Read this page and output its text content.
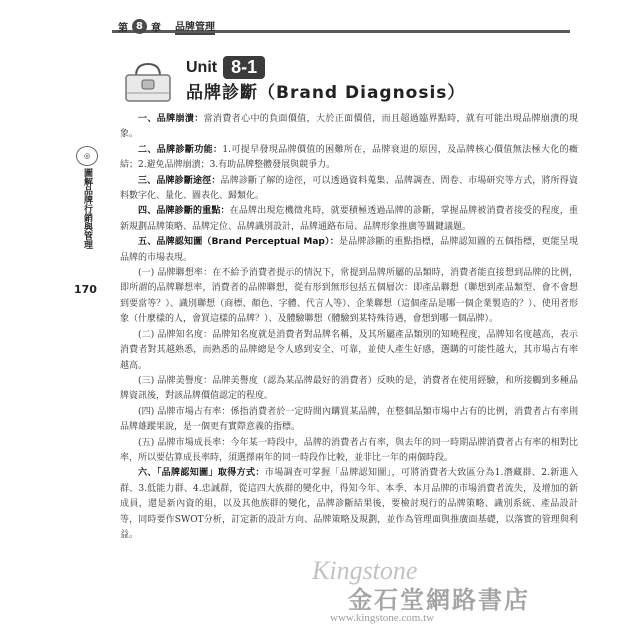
第 8 章 品牌管理
Unit 8-1
品牌診斷（Brand Diagnosis）
◎
圖解品牌行銷與管理
170

一、品牌崩潰：當消費者心中的負面價值，大於正面價值，而且超過臨界點時，就有可能出現品牌崩潰的現象。

二、品牌診斷功能：1.可提早發現品牌價值的困難所在，品牌衰退的原因，及品牌核心價值無法極大化的癥結；2.避免品牌崩潰；3.有助品牌整體發展與競爭力。

三、品牌診斷途徑：品牌診斷了解的途徑，可以透過資料蒐集、品牌調查、問卷、市場研究等方式，將所得資料數字化、量化、圖表化、歸類化。

四、品牌診斷的重點：在品牌出現危機徵兆時，就要積極透過品牌的診斷，掌握品牌被消費者接受的程度，重新規劃品牌策略、品牌定位、品牌識別設計，品牌通路布局、品牌形象推廣等關鍵議題。

五、品牌認知圖（Brand Perceptual Map）：是品牌診斷的重點指標，品牌認知圖的五個指標，更能呈現品牌的市場表現。

(一) 品牌聯想率：在不給予消費者提示的情況下，常提到品牌所屬的品類時，消費者能直接想到品牌的比例，即所謂的品牌聯想率，消費者的品牌聯想，從有形到無形包括五個層次：即產品聯想（聯想到產品類型、會不會想到要當等？）、識別聯想（商標、顏色、字體、代言人等）、企業聯想（這個產品是哪一個企業製造的？）、使用者形象（什麼樣的人，會買這樣的品牌？）、及體驗聯想（體驗到某特殊待遇，會想到哪一個品牌）。

(二) 品牌知名度：品牌知名度就是消費者對品牌名稱，及其所屬產品類別的知曉程度，品牌知名度越高，表示消費者對其越熟悉，而熟悉的品牌總是令人感到安全、可靠，並使人產生好感，選購的可能性越大，其市場占有率越高。

(三) 品牌美譽度：品牌美譽度（認為某品牌最好的消費者）反映的是，消費者在使用經驗，和所接觸到多種品牌資訊後，對該品牌價值認定的程度。

(四) 品牌市場占有率：係指消費者於一定時間內購買某品牌，在整個品類市場中占有的比例，消費者占有率則品牌雄蹤果說，是一個更有實際意義的指標。

(五) 品牌市場成長率：今年某一時段中，品牌的消費者占有率，與去年的同一時期品牌消費者占有率的相對比率，所以要估算成長率時，須選擇兩年的同一時段作比較，並非比一年的兩個時段。

六、「品牌認知圖」取得方式：市場調查可掌握「品牌認知圖」，可將消費者大致區分為1.潛藏群、2.新進入群、3.低能力群、4.忠誠群，從這四大族群的變化中，得知今年、本季、本月品牌的市場消費者流失，及增加的新成員，還是新內資的組，以及其他族群的變化，品牌診斷結果後，要檢討現行的品牌策略、識別系統、產品設計等，同時要作SWOT分析，訂定新的設計方向、品牌策略及規劃，並作為管理面與推廣面基礎，以落實的管理與利益。

Kingstone
金石堂網路書店
www.kingstone.com.tw
